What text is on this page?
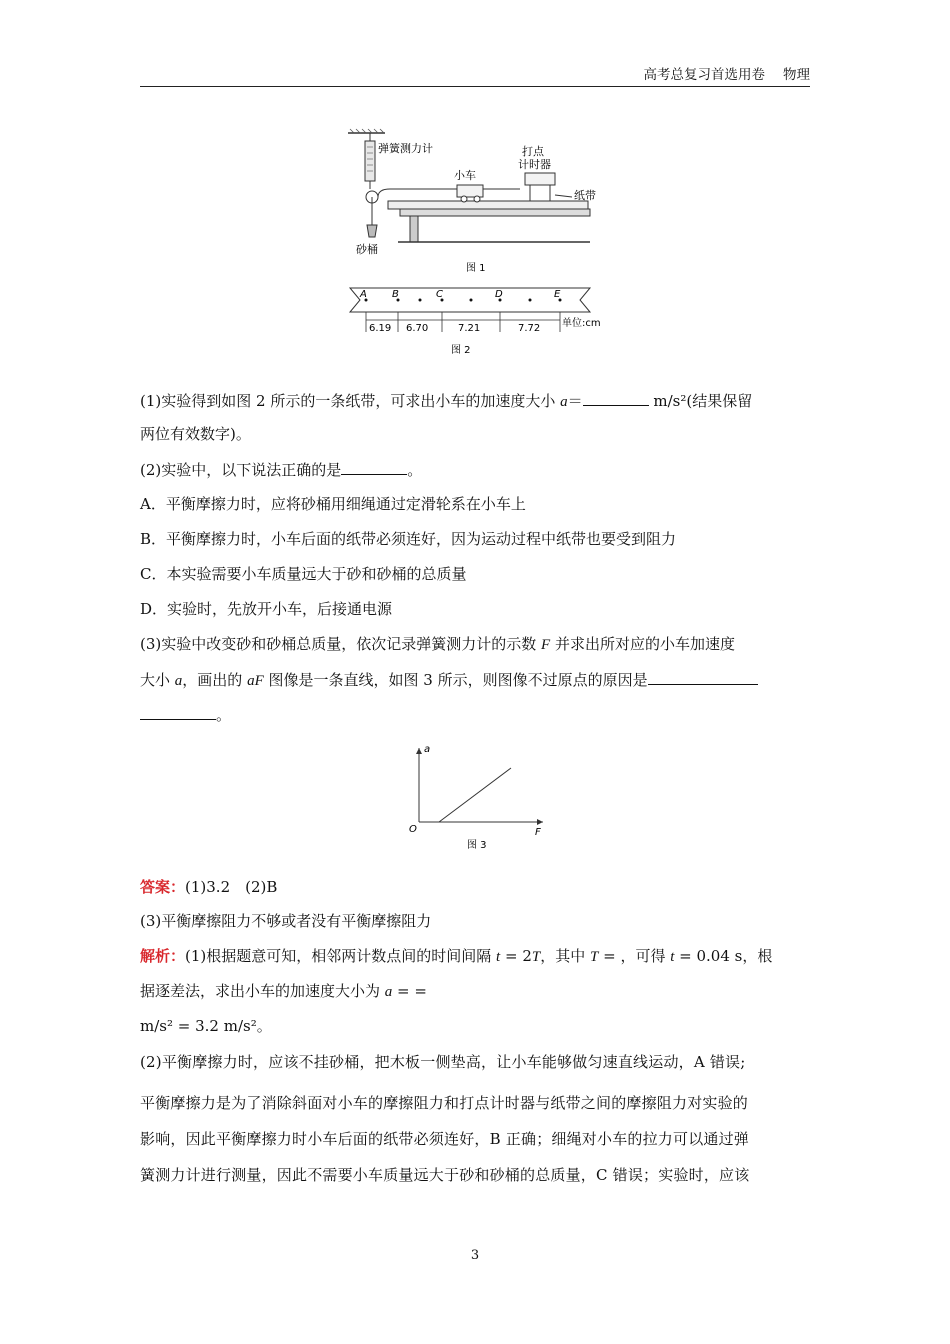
高考总复习首选用卷 物理
弹簧测力计
小车
打点
计时器
纸带
砂桶
图 1
A	B	C	D	E
6.19 6.70	7.21	7.72 单位:cm
图 2
(1)实验得到如图 2 所示的一条纸带，可求出小车的加速度大小 a＝	m/s²(结果保留
两位有效数字)。
(2)实验中，以下说法正确的是	。
A．平衡摩擦力时，应将砂桶用细绳通过定滑轮系在小车上
B．平衡摩擦力时，小车后面的纸带必须连好，因为运动过程中纸带也要受到阻力
C．本实验需要小车质量远大于砂和砂桶的总质量
D．实验时，先放开小车，后接通电源
(3)实验中改变砂和砂桶总质量，依次记录弹簧测力计的示数 F 并求出所对应的小车加速度
大小 a，画出的 aF 图像是一条直线，如图 3 所示，则图像不过原点的原因是
。
a
F
O
图 3
答案：(1)3.2　(2)B
(3)平衡摩擦阻力不够或者没有平衡摩擦阻力
解析：(1)根据题意可知，相邻两计数点间的时间间隔 t = 2T，其中 T = ，可得 t = 0.04 s，根
据逐差法，求出小车的加速度大小为 a = =
m/s² = 3.2 m/s²。
(2)平衡摩擦力时，应该不挂砂桶，把木板一侧垫高，让小车能够做匀速直线运动，A 错误;
平衡摩擦力是为了消除斜面对小车的摩擦阻力和打点计时器与纸带之间的摩擦阻力对实验的
影响，因此平衡摩擦力时小车后面的纸带必须连好，B 正确；细绳对小车的拉力可以通过弹
簧测力计进行测量，因此不需要小车质量远大于砂和砂桶的总质量，C 错误；实验时，应该
3
